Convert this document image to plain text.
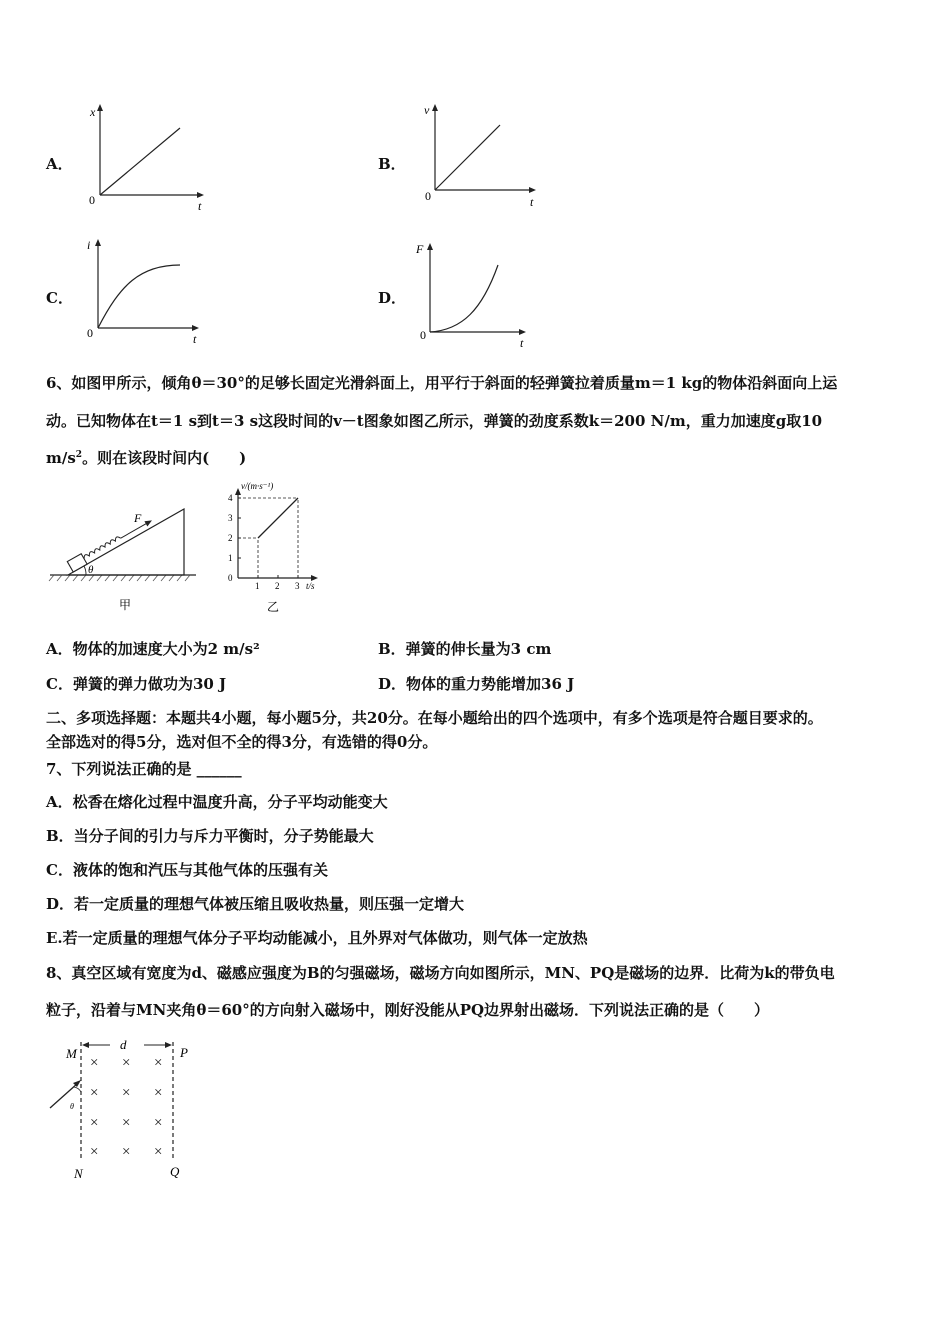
A．
x
0	t
B．
v
0	t
C．
i
0	t
D．
F
0
t
6、如图甲所示，倾角θ＝30°的足够长固定光滑斜面上，用平行于斜面的轻弹簧拉着质量m＝1 kg的物体沿斜面向上运
动。已知物体在t＝1 s到t＝3 s这段时间的v－t图象如图乙所示，弹簧的劲度系数k＝200 N/m，重力加速度g取10
$m/s^2$。则在该段时间内(　　)
θ
F
甲
v/(m·s⁻¹)
t/s
0
1
2
3
4
1 2 3
乙
A．物体的加速度大小为2 m/s²	B．弹簧的伸长量为3 cm
C．弹簧的弹力做功为30 J	D．物体的重力势能增加36 J
二、多项选择题：本题共4小题，每小题5分，共20分。在每小题给出的四个选项中，有多个选项是符合题目要求的。
全部选对的得5分，选对但不全的得3分，有选错的得0分。
7、下列说法正确的是 ______
A．松香在熔化过程中温度升高，分子平均动能变大
B．当分子间的引力与斥力平衡时，分子势能最大
C．液体的饱和汽压与其他气体的压强有关
D．若一定质量的理想气体被压缩且吸收热量，则压强一定增大
E.若一定质量的理想气体分子平均动能减小，且外界对气体做功，则气体一定放热
8、真空区域有宽度为d、磁感应强度为B的匀强磁场，磁场方向如图所示，MN、PQ是磁场的边界．比荷为k的带负电
粒子，沿着与MN夹角θ＝60°的方向射入磁场中，刚好没能从PQ边界射出磁场．下列说法正确的是（　　）
d
M	P
N	Q
× × ×
× × ×
× × ×
× × ×
θ
